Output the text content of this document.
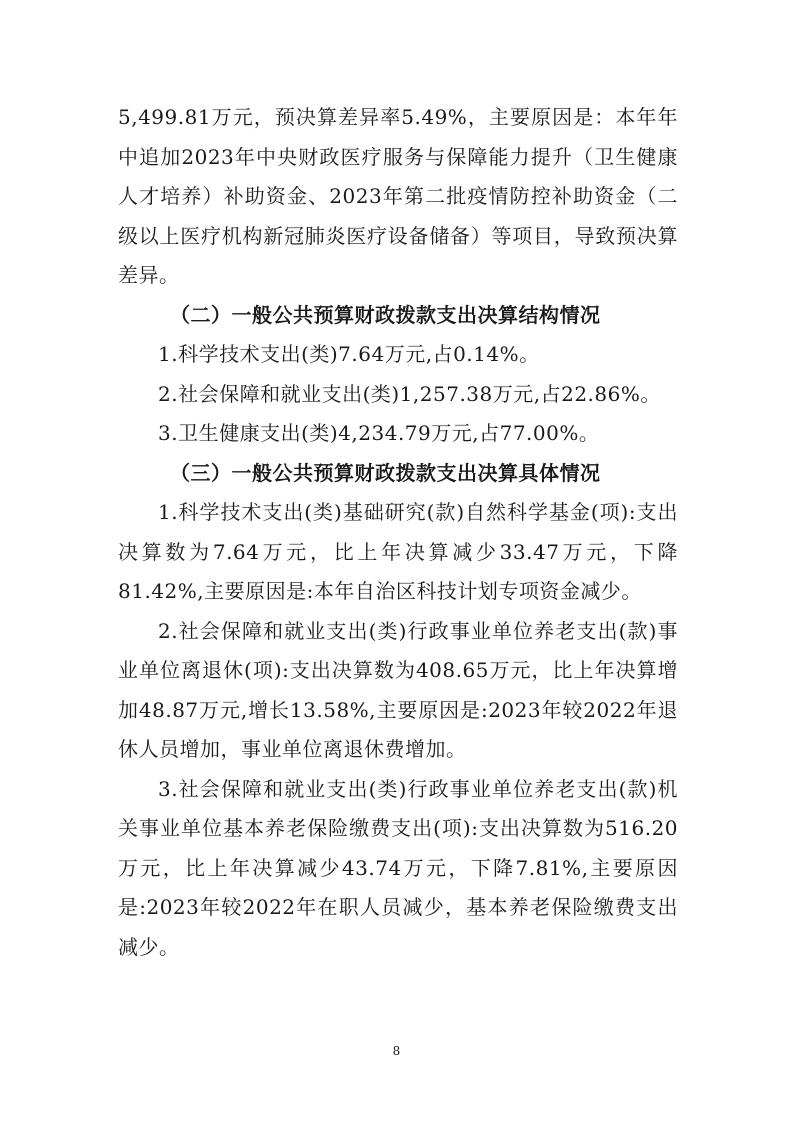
5,499.81万元，预决算差异率5.49%，主要原因是：本年年中追加2023年中央财政医疗服务与保障能力提升（卫生健康人才培养）补助资金、2023年第二批疫情防控补助资金（二级以上医疗机构新冠肺炎医疗设备储备）等项目，导致预决算差异。

（二）一般公共预算财政拨款支出决算结构情况

1.科学技术支出(类)7.64万元,占0.14%。

2.社会保障和就业支出(类)1,257.38万元,占22.86%。

3.卫生健康支出(类)4,234.79万元,占77.00%。

（三）一般公共预算财政拨款支出决算具体情况

1.科学技术支出(类)基础研究(款)自然科学基金(项):支出决算数为7.64万元，比上年决算减少33.47万元，下降81.42%,主要原因是:本年自治区科技计划专项资金减少。

2.社会保障和就业支出(类)行政事业单位养老支出(款)事业单位离退休(项):支出决算数为408.65万元，比上年决算增加48.87万元,增长13.58%,主要原因是:2023年较2022年退休人员增加，事业单位离退休费增加。

3.社会保障和就业支出(类)行政事业单位养老支出(款)机关事业单位基本养老保险缴费支出(项):支出决算数为516.20万元，比上年决算减少43.74万元，下降7.81%,主要原因是:2023年较2022年在职人员减少，基本养老保险缴费支出减少。

8
